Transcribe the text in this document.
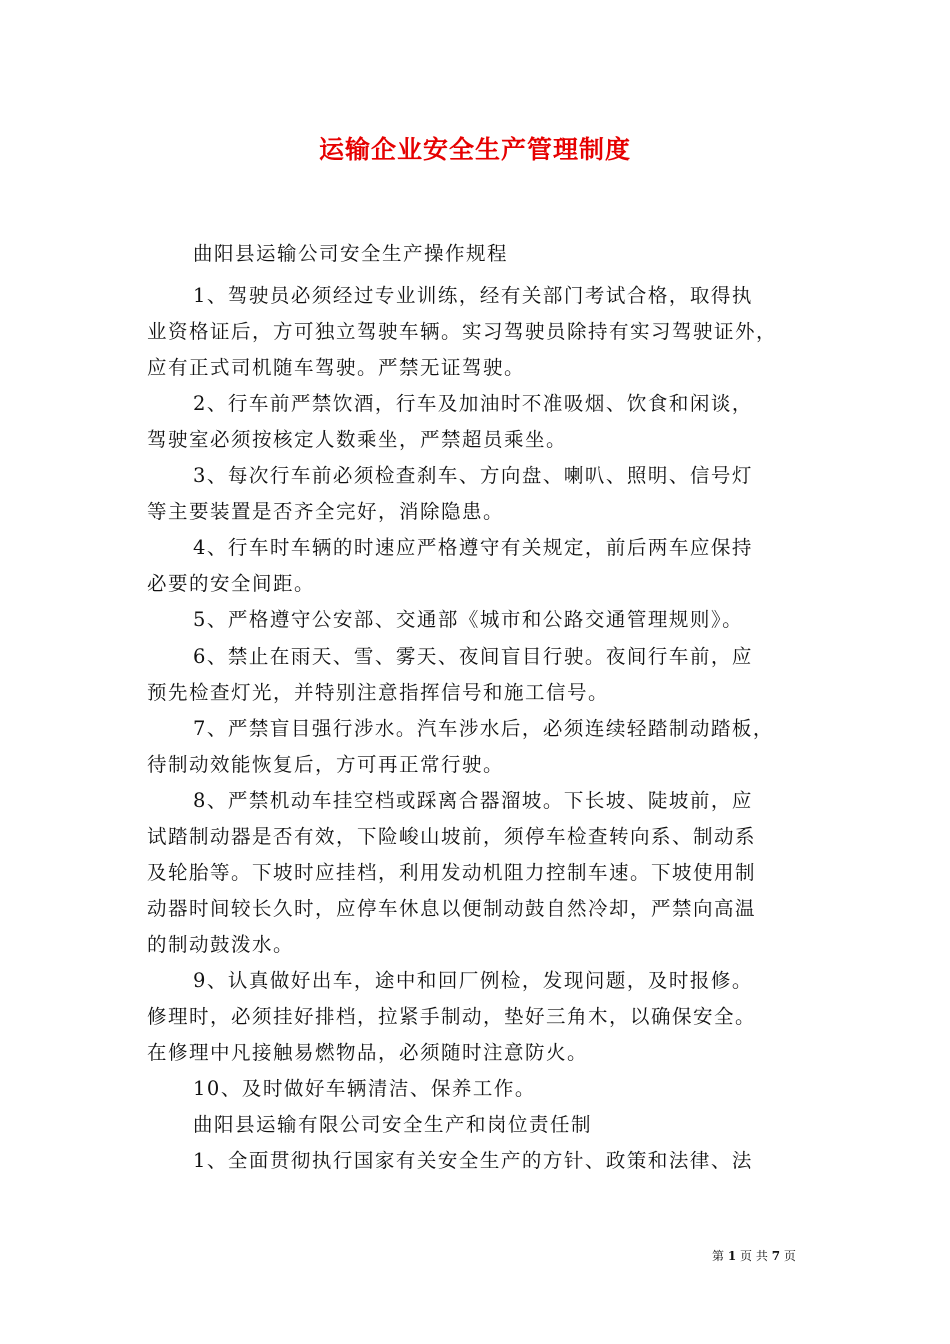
运输企业安全生产管理制度
曲阳县运输公司安全生产操作规程
1、驾驶员必须经过专业训练，经有关部门考试合格，取得执
业资格证后，方可独立驾驶车辆。实习驾驶员除持有实习驾驶证外，
应有正式司机随车驾驶。严禁无证驾驶。
2、行车前严禁饮酒，行车及加油时不准吸烟、饮食和闲谈，
驾驶室必须按核定人数乘坐，严禁超员乘坐。
3、每次行车前必须检查刹车、方向盘、喇叭、照明、信号灯
等主要装置是否齐全完好，消除隐患。
4、行车时车辆的时速应严格遵守有关规定，前后两车应保持
必要的安全间距。
5、严格遵守公安部、交通部《城市和公路交通管理规则》。
6、禁止在雨天、雪、雾天、夜间盲目行驶。夜间行车前，应
预先检查灯光，并特别注意指挥信号和施工信号。
7、严禁盲目强行涉水。汽车涉水后，必须连续轻踏制动踏板，
待制动效能恢复后，方可再正常行驶。
8、严禁机动车挂空档或踩离合器溜坡。下长坡、陡坡前，应
试踏制动器是否有效，下险峻山坡前，须停车检查转向系、制动系
及轮胎等。下坡时应挂档，利用发动机阻力控制车速。下坡使用制
动器时间较长久时，应停车休息以便制动鼓自然冷却，严禁向高温
的制动鼓泼水。
9、认真做好出车，途中和回厂例检，发现问题，及时报修。
修理时，必须挂好排档，拉紧手制动，垫好三角木，以确保安全。
在修理中凡接触易燃物品，必须随时注意防火。
10、及时做好车辆清洁、保养工作。
曲阳县运输有限公司安全生产和岗位责任制
1、全面贯彻执行国家有关安全生产的方针、政策和法律、法
第 1 页 共 7 页
